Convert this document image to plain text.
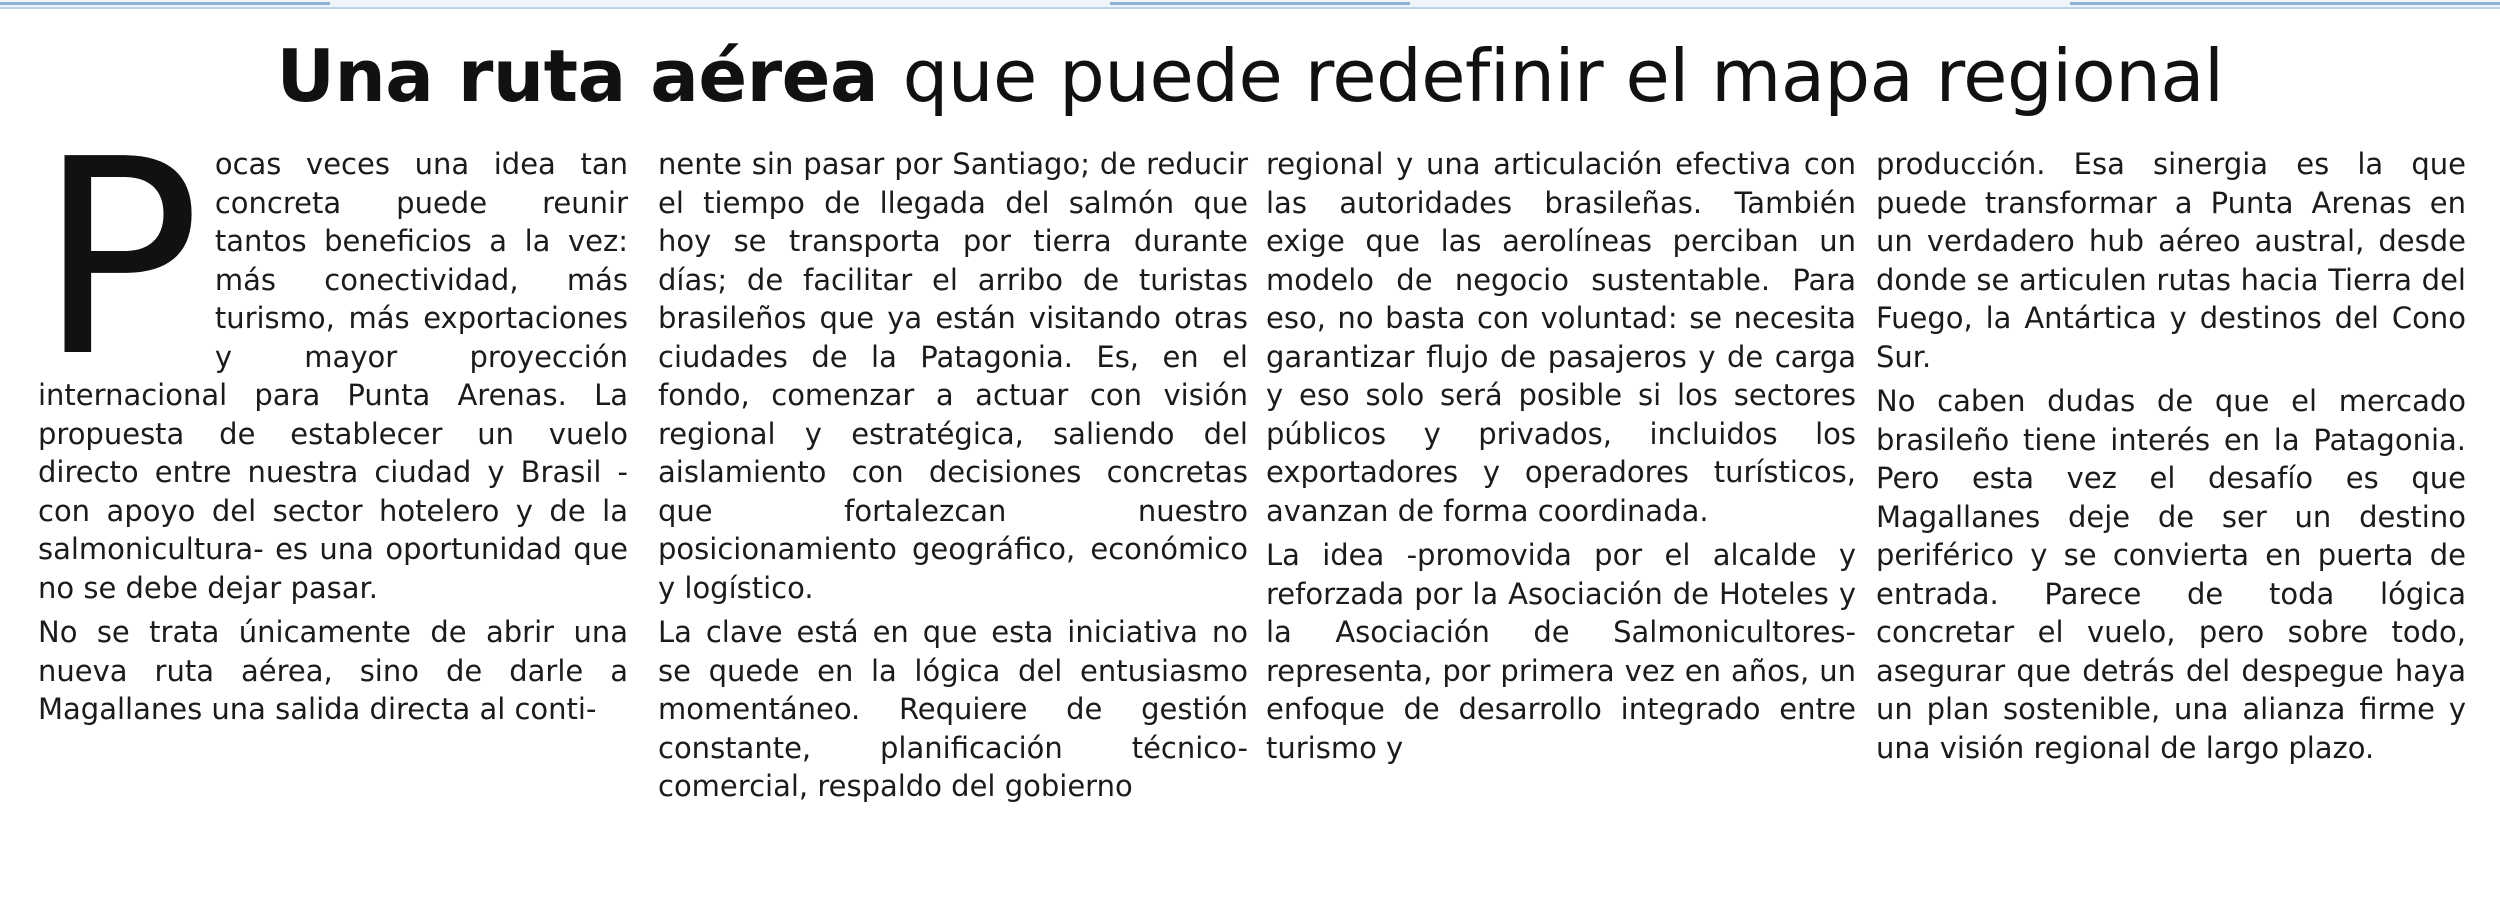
Una ruta aérea que puede redefinir el mapa regional

Pocas veces una idea tan concreta puede reunir tantos beneficios a la vez: más conectividad, más turismo, más exportaciones y mayor proyección internacional para Punta Arenas. La propuesta de establecer un vuelo directo entre nuestra ciudad y Brasil -con apoyo del sector hotelero y de la salmonicultura- es una oportunidad que no se debe dejar pasar.

No se trata únicamente de abrir una nueva ruta aérea, sino de darle a Magallanes una salida directa al conti-

nente sin pasar por Santiago; de reducir el tiempo de llegada del salmón que hoy se transporta por tierra durante días; de facilitar el arribo de turistas brasileños que ya están visitando otras ciudades de la Patagonia. Es, en el fondo, comenzar a actuar con visión regional y estratégica, saliendo del aislamiento con decisiones concretas que fortalezcan nuestro posicionamiento geográfico, económico y logístico.

La clave está en que esta iniciativa no se quede en la lógica del entusiasmo momentáneo. Requiere de gestión constante, planificación técnico-comercial, respaldo del gobierno

regional y una articulación efectiva con las autoridades brasileñas. También exige que las aerolíneas perciban un modelo de negocio sustentable. Para eso, no basta con voluntad: se necesita garantizar flujo de pasajeros y de carga y eso solo será posible si los sectores públicos y privados, incluidos los exportadores y operadores turísticos, avanzan de forma coordinada.

La idea -promovida por el alcalde y reforzada por la Asociación de Hoteles y la Asociación de Salmonicultores- representa, por primera vez en años, un enfoque de desarrollo integrado entre turismo y

producción. Esa sinergia es la que puede transformar a Punta Arenas en un verdadero hub aéreo austral, desde donde se articulen rutas hacia Tierra del Fuego, la Antártica y destinos del Cono Sur.

No caben dudas de que el mercado brasileño tiene interés en la Patagonia. Pero esta vez el desafío es que Magallanes deje de ser un destino periférico y se convierta en puerta de entrada. Parece de toda lógica concretar el vuelo, pero sobre todo, asegurar que detrás del despegue haya un plan sostenible, una alianza firme y una visión regional de largo plazo.
